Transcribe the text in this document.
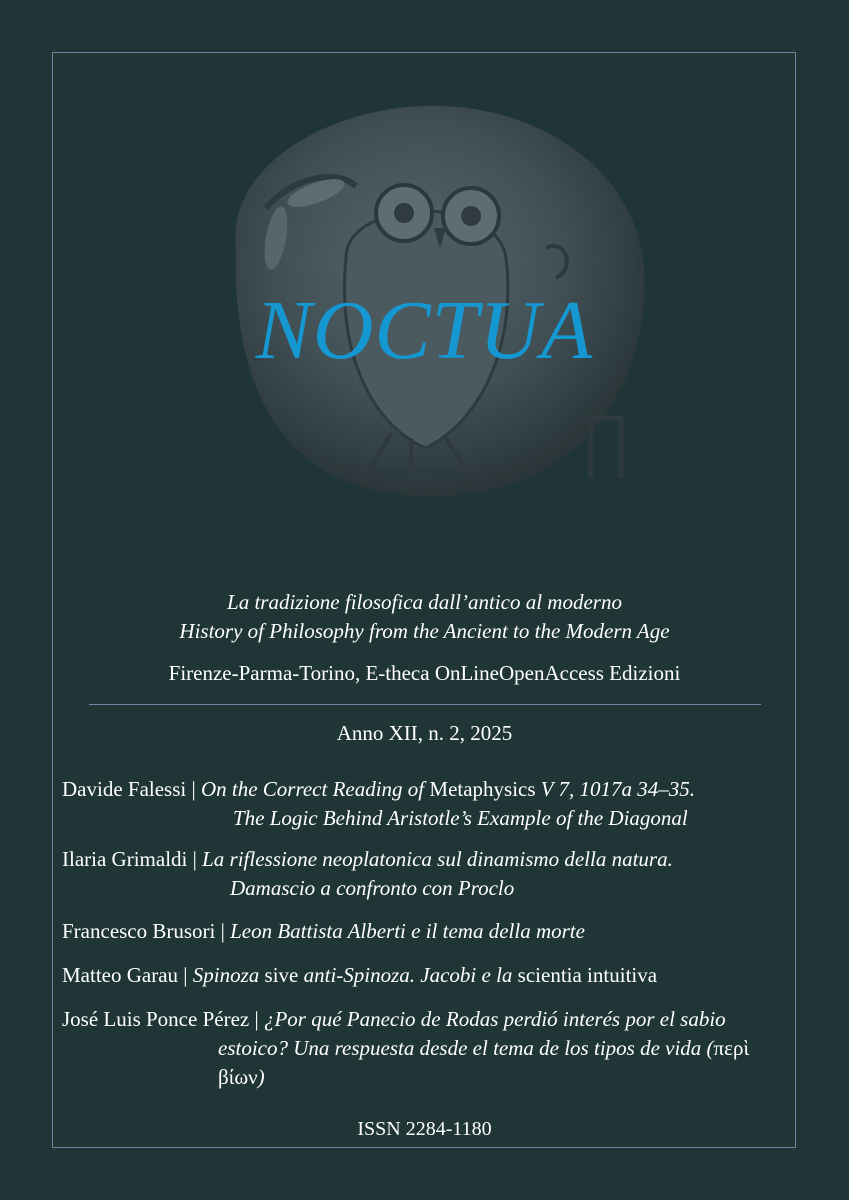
NOCTUA
La tradizione filosofica dall’antico al moderno
History of Philosophy from the Ancient to the Modern Age
Firenze-Parma-Torino, E-theca OnLineOpenAccess Edizioni
Anno XII, n. 2, 2025
Davide Falessi | On the Correct Reading of Metaphysics V 7, 1017a 34–35.
The Logic Behind Aristotle’s Example of the Diagonal
Ilaria Grimaldi | La riflessione neoplatonica sul dinamismo della natura.
Damascio a confronto con Proclo
Francesco Brusori | Leon Battista Alberti e il tema della morte
Matteo Garau | Spinoza sive anti-Spinoza. Jacobi e la scientia intuitiva
José Luis Ponce Pérez | ¿Por qué Panecio de Rodas perdió interés por el sabio
estoico? Una respuesta desde el tema de los tipos de vida (περὶ
βίων)
ISSN 2284-1180
